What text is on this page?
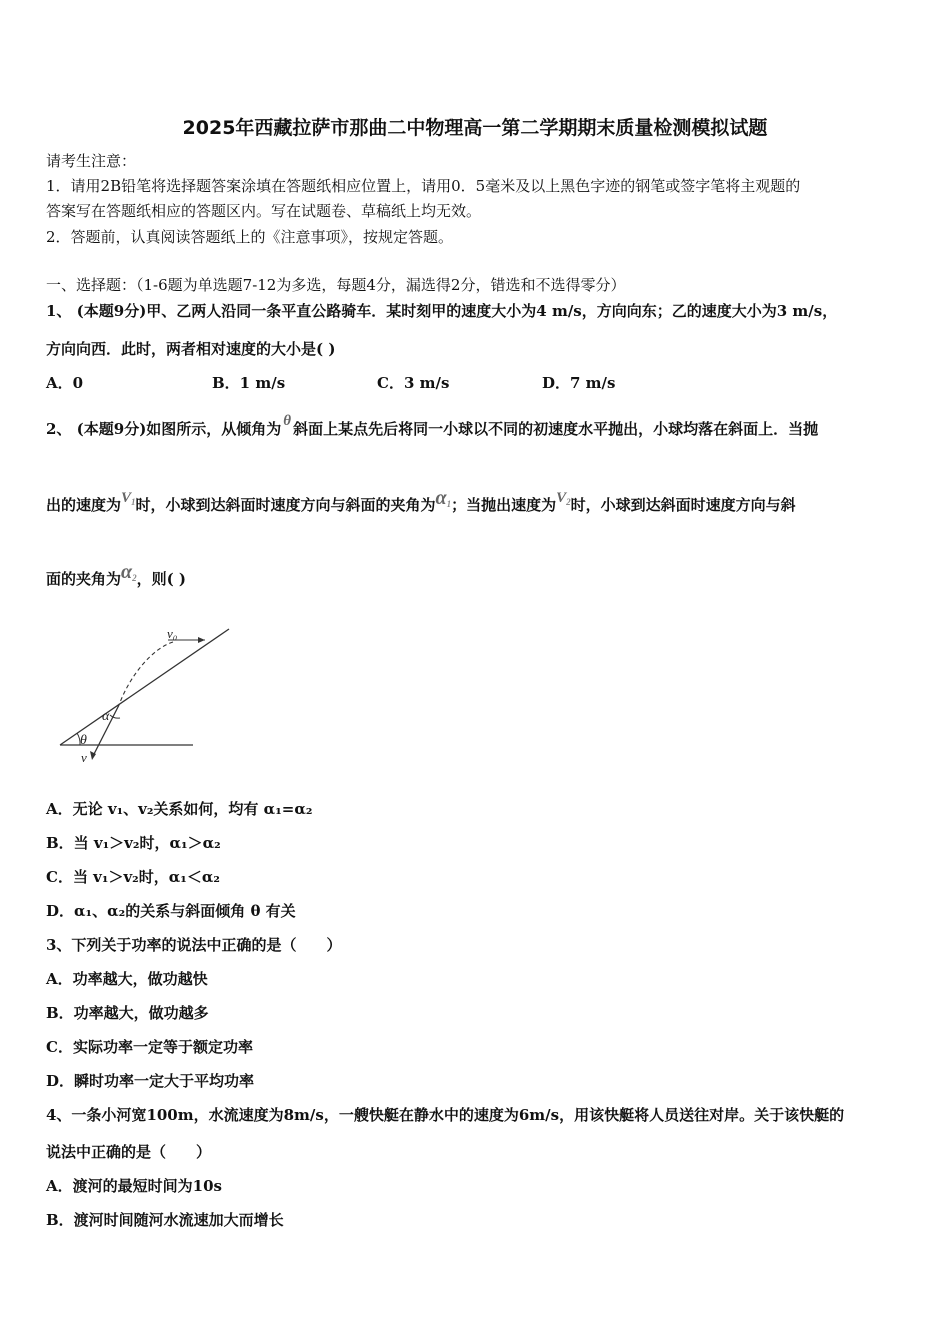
2025年西藏拉萨市那曲二中物理高一第二学期期末质量检测模拟试题
请考生注意：
1．请用2B铅笔将选择题答案涂填在答题纸相应位置上，请用0．5毫米及以上黑色字迹的钢笔或签字笔将主观题的
答案写在答题纸相应的答题区内。写在试题卷、草稿纸上均无效。
2．答题前，认真阅读答题纸上的《注意事项》，按规定答题。
一、选择题：（1-6题为单选题7-12为多选，每题4分，漏选得2分，错选和不选得零分）
1、 (本题9分)甲、乙两人沿同一条平直公路骑车．某时刻甲的速度大小为4 m/s，方向向东；乙的速度大小为3 m/s，
方向向西．此时，两者相对速度的大小是( )
A．0	B．1 m/s	C．3 m/s	D．7 m/s
2、 (本题9分)如图所示，从倾角为 θ 斜面上某点先后将同一小球以不同的初速度水平抛出，小球均落在斜面上．当抛
出的速度为$V_1$时，小球到达斜面时速度方向与斜面的夹角为$\alpha_1$；当抛出速度为$V_2$时，小球到达斜面时速度方向与斜
面的夹角为$\alpha_2$，则( )
v₀
α
θ
v
A．无论 v₁、v₂关系如何，均有 α₁=α₂
B．当 v₁＞v₂时，α₁＞α₂
C．当 v₁＞v₂时，α₁＜α₂
D．α₁、α₂的关系与斜面倾角 θ 有关
3、下列关于功率的说法中正确的是（　　）
A．功率越大，做功越快
B．功率越大，做功越多
C．实际功率一定等于额定功率
D．瞬时功率一定大于平均功率
4、一条小河宽100m，水流速度为8m/s，一艘快艇在静水中的速度为6m/s，用该快艇将人员送往对岸。关于该快艇的
说法中正确的是（　　）
A．渡河的最短时间为10s
B．渡河时间随河水流速加大而增长
